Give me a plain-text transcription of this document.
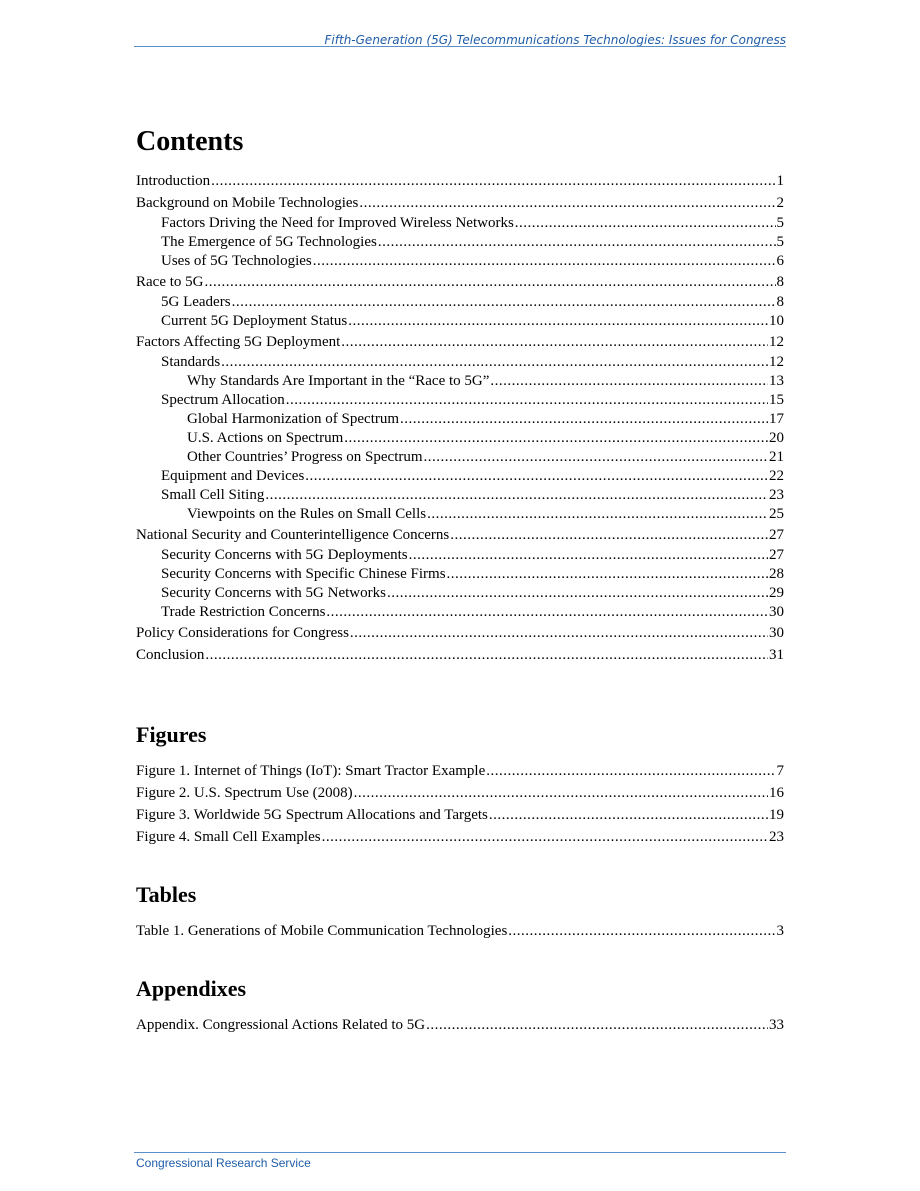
Fifth-Generation (5G) Telecommunications Technologies: Issues for Congress
Contents
Introduction .....	1
Background on Mobile Technologies .....	2
Factors Driving the Need for Improved Wireless Networks .....	5
The Emergence of 5G Technologies .....	5
Uses of 5G Technologies .....	6
Race to 5G .....	8
5G Leaders .....	8
Current 5G Deployment Status .....	10
Factors Affecting 5G Deployment .....	12
Standards .....	12
Why Standards Are Important in the “Race to 5G” .....	13
Spectrum Allocation .....	15
Global Harmonization of Spectrum .....	17
U.S. Actions on Spectrum .....	20
Other Countries’ Progress on Spectrum .....	21
Equipment and Devices .....	22
Small Cell Siting .....	23
Viewpoints on the Rules on Small Cells .....	25
National Security and Counterintelligence Concerns .....	27
Security Concerns with 5G Deployments .....	27
Security Concerns with Specific Chinese Firms .....	28
Security Concerns with 5G Networks .....	29
Trade Restriction Concerns .....	30
Policy Considerations for Congress .....	30
Conclusion .....	31
Figures
Figure 1. Internet of Things (IoT): Smart Tractor Example .....	7
Figure 2. U.S. Spectrum Use (2008) .....	16
Figure 3. Worldwide 5G Spectrum Allocations and Targets .....	19
Figure 4. Small Cell Examples .....	23
Tables
Table 1. Generations of Mobile Communication Technologies .....	3
Appendixes
Appendix. Congressional Actions Related to 5G .....	33
Congressional Research Service
